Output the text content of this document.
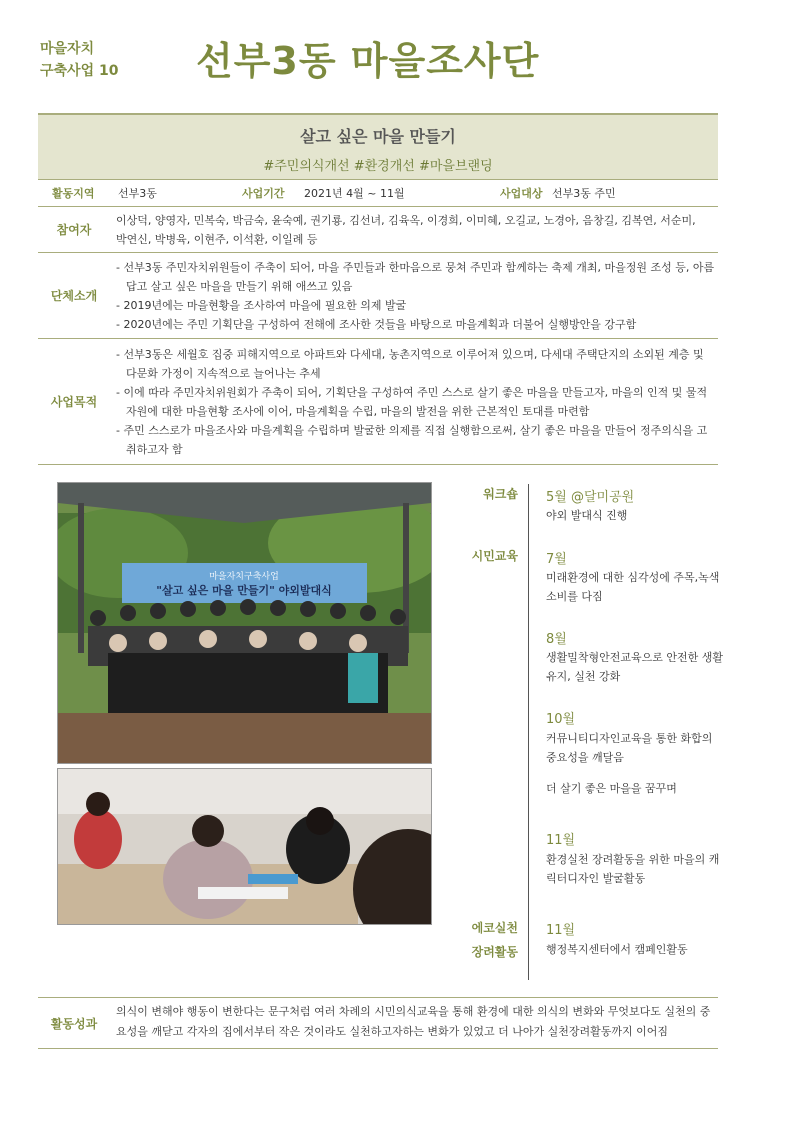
마을자치
구축사업 10 선부3동 마을조사단
살고 싶은 마을 만들기
#주민의식개선 #환경개선 #마을브랜딩
활동지역 선부3동	사업기간 2021년 4월 ~ 11월	사업대상 선부3동 주민
참여자
이상덕, 양영자, 민복숙, 박금숙, 윤숙예, 권기룡, 김선녀, 김육옥, 이경희, 이미혜, 오길교, 노경아, 음창길, 김복연, 서순미,
박연신, 박병육, 이현주, 이석환, 이일례 등
단체소개
- 선부3동 주민자치위원들이 주축이 되어, 마을 주민들과 한마음으로 뭉쳐 주민과 함께하는 축제 개최, 마을정원 조성 등, 아름답고 살고 싶은 마을을 만들기 위해 애쓰고 있음
- 2019년에는 마을현황을 조사하여 마을에 필요한 의제 발굴
- 2020년에는 주민 기획단을 구성하여 전해에 조사한 것들을 바탕으로 마을계획과 더불어 실행방안을 강구함
사업목적
- 선부3동은 세월호 집중 피해지역으로 아파트와 다세대, 농촌지역으로 이루어져 있으며, 다세대 주택단지의 소외된 계층 및 다문화 가정이 지속적으로 늘어나는 추세
- 이에 따라 주민자치위원회가 주축이 되어, 기획단을 구성하여 주민 스스로 살기 좋은 마을을 만들고자, 마을의 인적 및 물적 자원에 대한 마을현황 조사에 이어, 마을계획을 수립, 마을의 발전을 위한 근본적인 토대를 마련함
- 주민 스스로가 마을조사와 마을계획을 수립하며 발굴한 의제를 직접 실행함으로써, 살기 좋은 마을을 만들어 정주의식을 고취하고자 함
마을자치구축사업
"살고 싶은 마을 만들기" 야외발대식
워크숍
시민교육
에코실천
장려활동
5월 @달미공원
야외 발대식 진행
7월
미래환경에 대한 심각성에 주목,녹색소비를 다짐
8월
생활밀착형안전교육으로 안전한 생활 유지, 실천 강화
10월
커뮤니티디자인교육을 통한 화합의 중요성을 깨달음
더 살기 좋은 마을을 꿈꾸며
11월
환경실천 장려활동을 위한 마을의 캐릭터디자인 발굴활동
11월
행정복지센터에서 캠페인활동
활동성과
의식이 변해야 행동이 변한다는 문구처럼 여러 차례의 시민의식교육을 통해 환경에 대한 의식의 변화와 무엇보다도 실천의 중요성을 깨닫고 각자의 집에서부터 작은 것이라도 실천하고자하는 변화가 있었고 더 나아가 실천장려활동까지 이어짐
